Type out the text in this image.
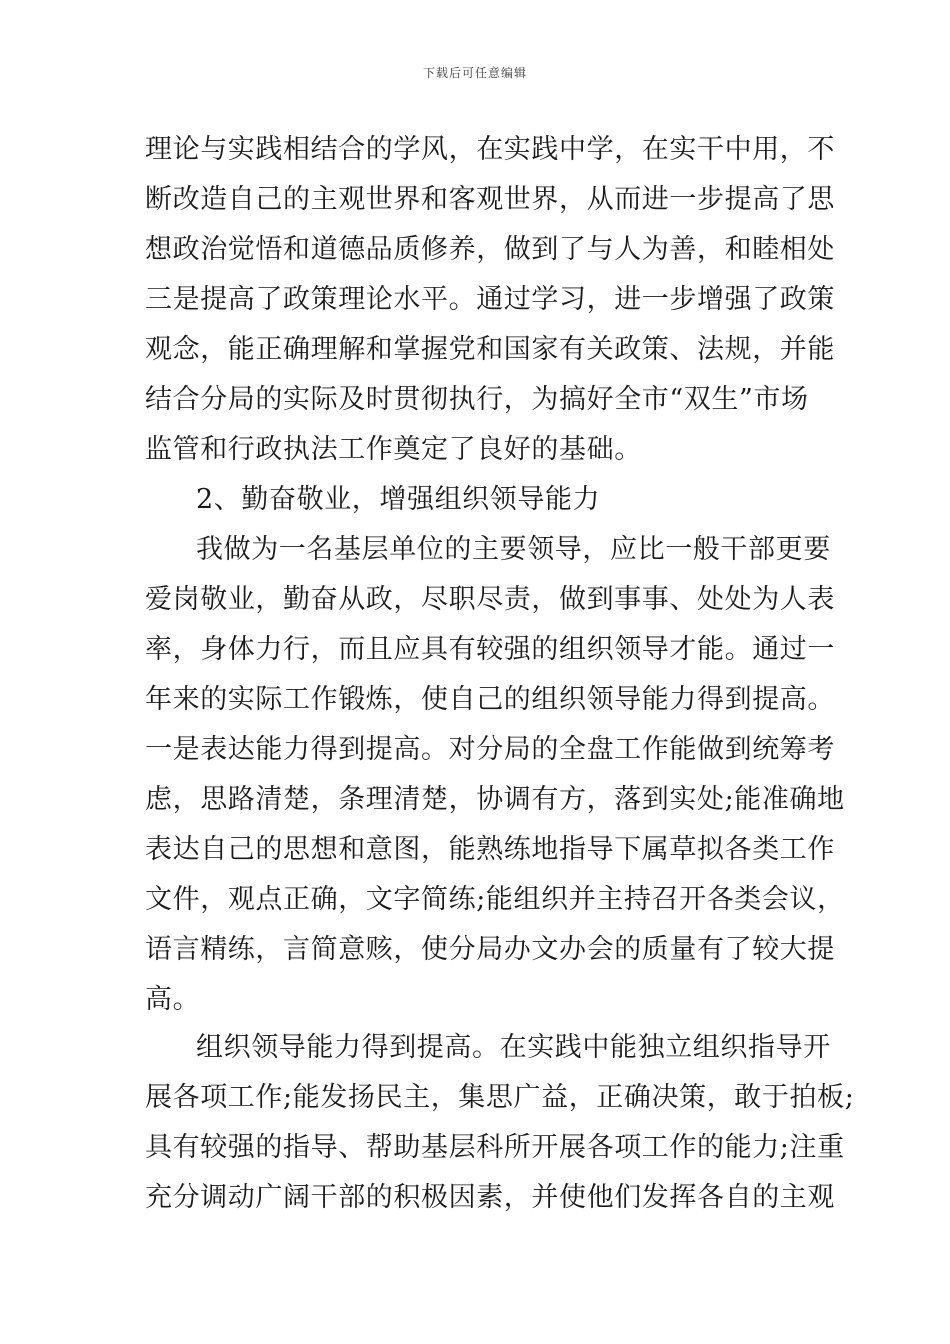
下载后可任意编辑
理论与实践相结合的学风，在实践中学，在实干中用，不
断改造自己的主观世界和客观世界，从而进一步提高了思
想政治觉悟和道德品质修养，做到了与人为善，和睦相处
三是提高了政策理论水平。通过学习，进一步增强了政策
观念，能正确理解和掌握党和国家有关政策、法规，并能
结合分局的实际及时贯彻执行，为搞好全市“双生”市场
监管和行政执法工作奠定了良好的基础。
2、勤奋敬业，增强组织领导能力
我做为一名基层单位的主要领导，应比一般干部更要
爱岗敬业，勤奋从政，尽职尽责，做到事事、处处为人表
率，身体力行，而且应具有较强的组织领导才能。通过一
年来的实际工作锻炼，使自己的组织领导能力得到提高。
一是表达能力得到提高。对分局的全盘工作能做到统筹考
虑，思路清楚，条理清楚，协调有方，落到实处;能准确地
表达自己的思想和意图，能熟练地指导下属草拟各类工作
文件，观点正确，文字简练;能组织并主持召开各类会议，
语言精练，言简意赅，使分局办文办会的质量有了较大提
高。
组织领导能力得到提高。在实践中能独立组织指导开
展各项工作;能发扬民主，集思广益，正确决策，敢于拍板;
具有较强的指导、帮助基层科所开展各项工作的能力;注重
充分调动广阔干部的积极因素，并使他们发挥各自的主观
